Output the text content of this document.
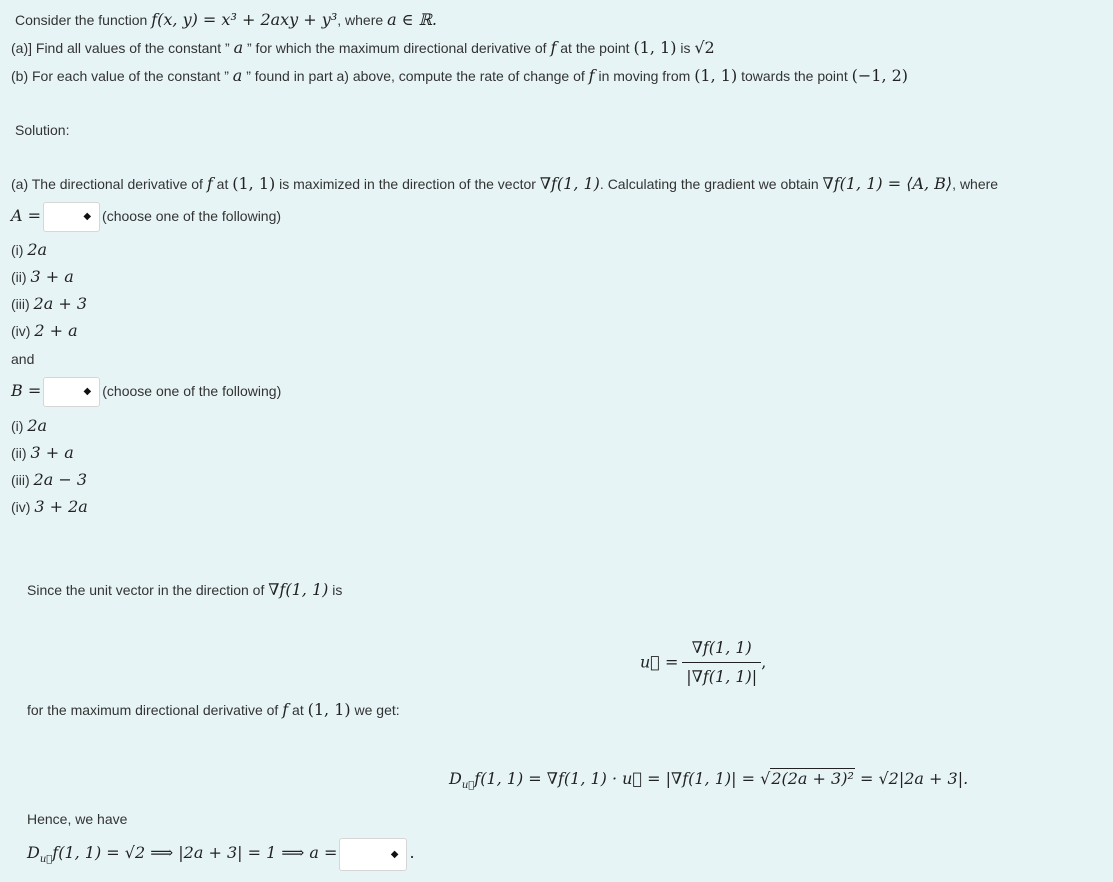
Consider the function f(x, y) = x³ + 2axy + y³, where a ∈ ℝ.
(a)] Find all values of the constant ” a ” for which the maximum directional derivative of f at the point (1, 1) is √2
(b) For each value of the constant ” a ” found in part a) above, compute the rate of change of f in moving from (1, 1) towards the point (−1, 2)
Solution:
(a) The directional derivative of f at (1, 1) is maximized in the direction of the vector ∇f(1, 1). Calculating the gradient we obtain ∇f(1, 1) = ⟨A, B⟩, where
A =	◆ (choose one of the following)
(i) 2a
(ii) 3 + a
(iii) 2a + 3
(iv) 2 + a
and
B =	◆ (choose one of the following)
(i) 2a
(ii) 3 + a
(iii) 2a − 3
(iv) 3 + 2a
Since the unit vector in the direction of ∇f(1, 1) is
u⃗ = $\frac{\nabla f(1, 1)}{|\nabla f(1, 1)|}$ ,
for the maximum directional derivative of f at (1, 1) we get:
$D_{u⃗}f(1$, 1) = ∇f(1, 1) · u⃗ = |∇f(1, 1)| = √2(2a + 3)² = √2|2a + 3|.
Hence, we have
$D_{u⃗}f(1$, 1) = √2 ⟹ |2a + 3| = 1 ⟹ a =	◆ .
